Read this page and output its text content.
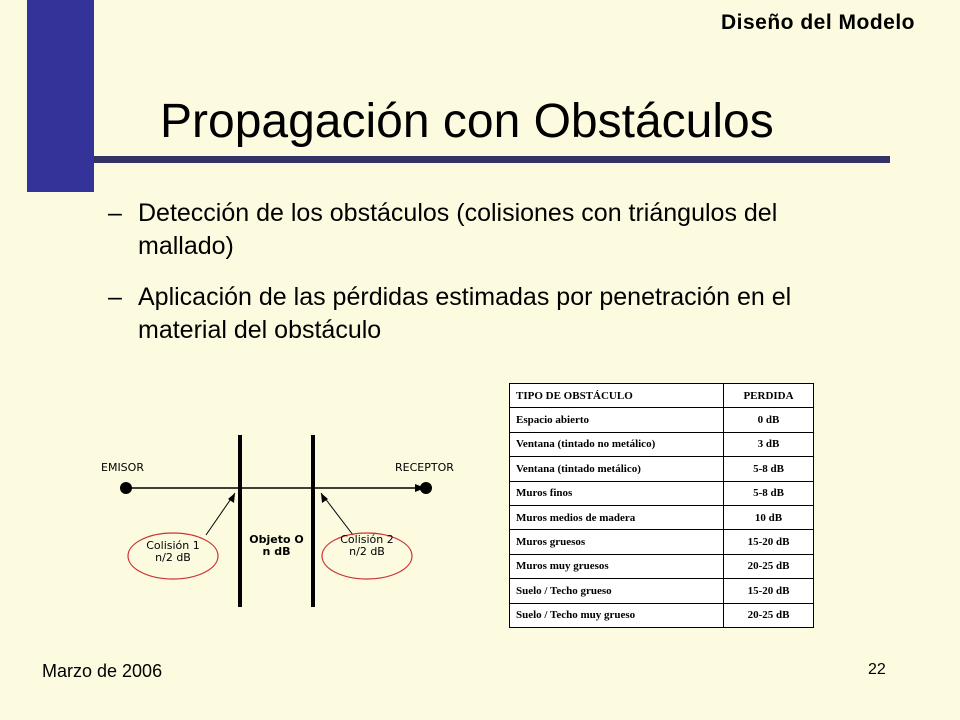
Diseño del Modelo
Propagación con Obstáculos
– Detección de los obstáculos (colisiones con triángulos del mallado)
– Aplicación de las pérdidas estimadas por penetración en el material del obstáculo
EMISOR	RECEPTOR
Colisión 1
n/2 dB
Objeto O
n dB
Colisión 2
n/2 dB
TIPO DE OBSTÁCULO	PERDIDA
Espacio abierto	0 dB
Ventana (tintado no metálico)	3 dB
Ventana (tintado metálico)	5-8 dB
Muros finos	5-8 dB
Muros medios de madera	10 dB
Muros gruesos	15-20 dB
Muros muy gruesos	20-25 dB
Suelo / Techo grueso	15-20 dB
Suelo / Techo muy grueso	20-25 dB
Marzo de 2006	22
